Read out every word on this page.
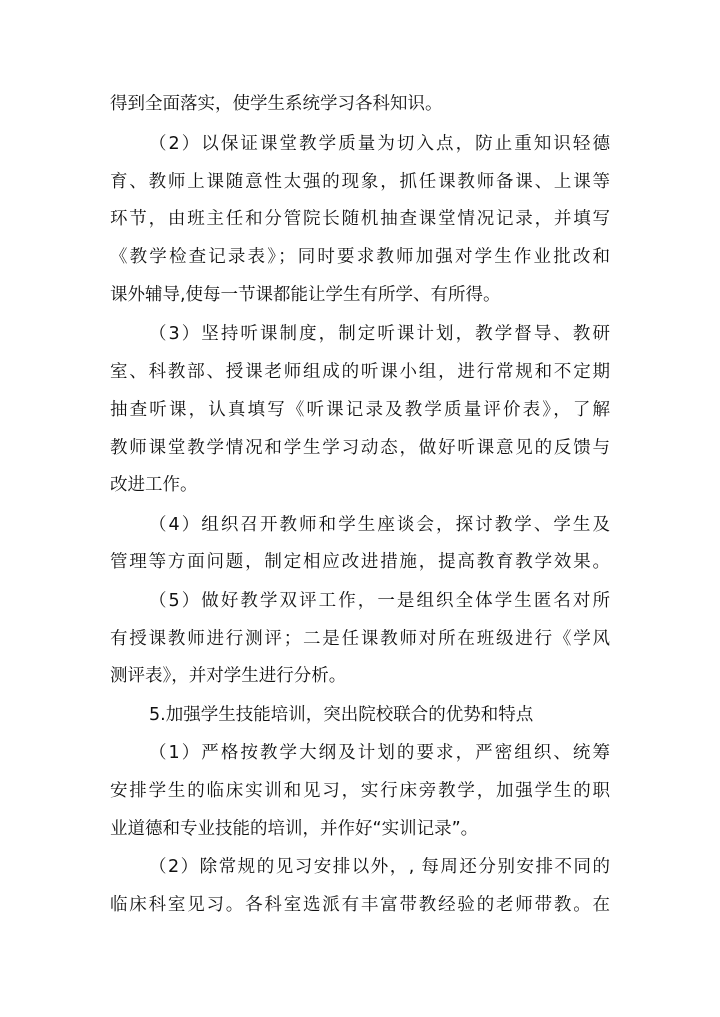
得到全面落实，使学生系统学习各科知识。

（2）以保证课堂教学质量为切入点，防止重知识轻德

育、教师上课随意性太强的现象，抓任课教师备课、上课等

环节，由班主任和分管院长随机抽查课堂情况记录，并填写

《教学检查记录表》；同时要求教师加强对学生作业批改和

课外辅导,使每一节课都能让学生有所学、有所得。

（3）坚持听课制度，制定听课计划，教学督导、教研

室、科教部、授课老师组成的听课小组，进行常规和不定期

抽查听课，认真填写《听课记录及教学质量评价表》，了解

教师课堂教学情况和学生学习动态，做好听课意见的反馈与

改进工作。

（4）组织召开教师和学生座谈会，探讨教学、学生及

管理等方面问题，制定相应改进措施，提高教育教学效果。

（5）做好教学双评工作，一是组织全体学生匿名对所

有授课教师进行测评；二是任课教师对所在班级进行《学风

测评表》，并对学生进行分析。

5.加强学生技能培训，突出院校联合的优势和特点

（1）严格按教学大纲及计划的要求，严密组织、统筹

安排学生的临床实训和见习，实行床旁教学，加强学生的职

业道德和专业技能的培训，并作好“实训记录”。

（2）除常规的见习安排以外，, 每周还分别安排不同的

临床科室见习。各科室选派有丰富带教经验的老师带教。在
